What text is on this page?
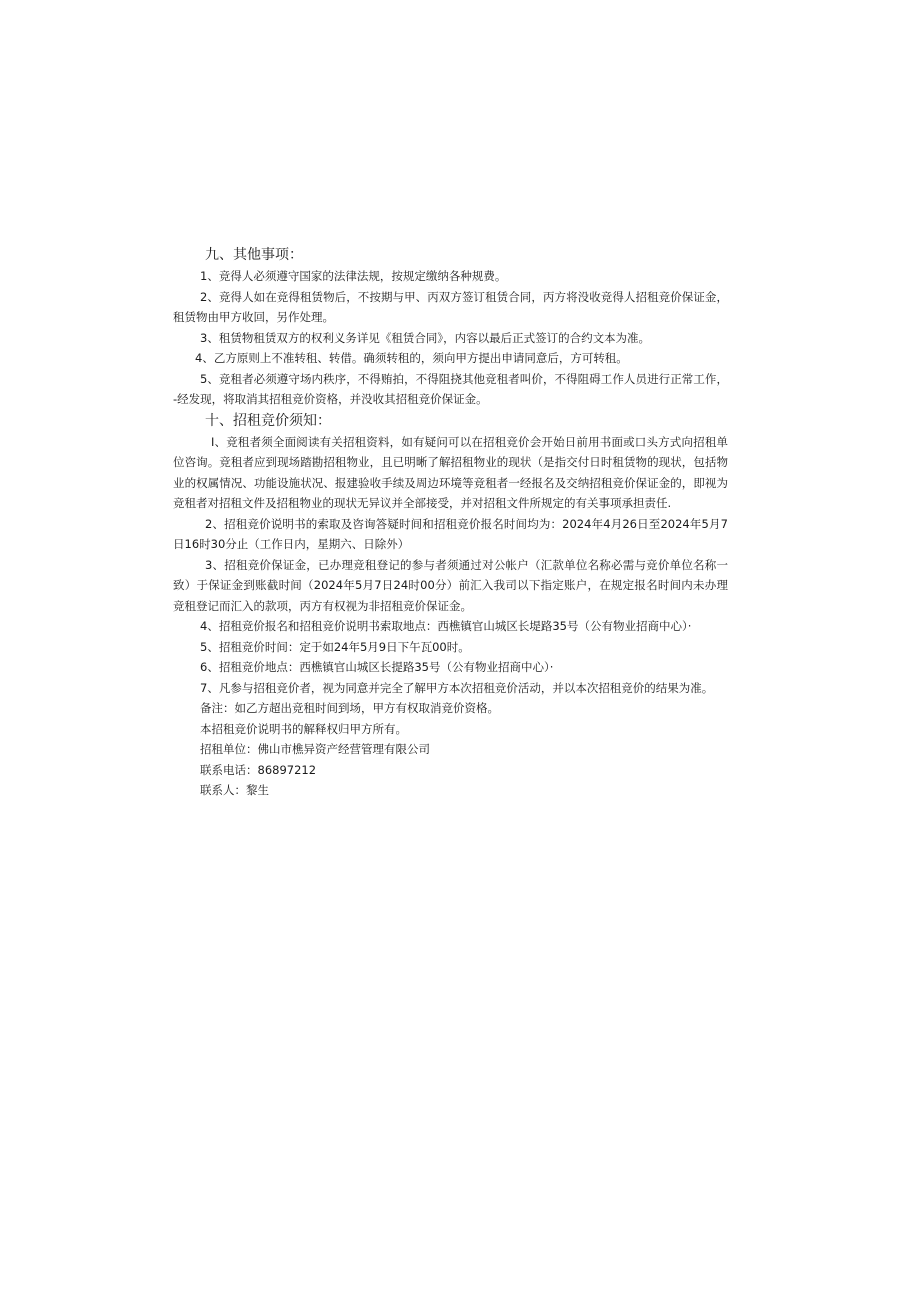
九、其他事项：

1、竞得人必须遵守国家的法律法规，按规定缴纳各种规费。

2、竞得人如在竞得租赁物后，不按期与甲、丙双方签订租赁合同，丙方将没收竞得人招租竞价保证金，租赁物由甲方收回，另作处理。

3、租赁物租赁双方的权利义务详见《租赁合同》，内容以最后正式签订的合约文本为准。

4、乙方原则上不准转租、转借。确须转租的，须向甲方提出申请同意后，方可转租。

5、竞租者必须遵守场内秩序，不得贿拍，不得阻挠其他竞租者叫价，不得阻碍工作人员进行正常工作，-经发现，将取消其招租竞价资格，并没收其招租竞价保证金。

十、招租竞价须知：

I、竞租者须全面阅读有关招租资料，如有疑问可以在招租竞价会开始日前用书面或口头方式向招租单位咨询。竞租者应到现场踏勘招租物业，且已明晰了解招租物业的现状（是指交付日时租赁物的现状，包括物业的权属情况、功能设施状况、报建验收手续及周边环境等竞租者一经报名及交纳招租竞价保证金的，即视为竞租者对招租文件及招租物业的现状无异议并全部接受，并对招租文件所规定的有关事项承担责任.

2、招租竞价说明书的索取及咨询答疑时间和招租竞价报名时间均为：2024年4月26日至2024年5月7日16时30分止（工作日内，星期六、日除外）

3、招租竞价保证金，已办理竞租登记的参与者须通过对公帐户（汇款单位名称必需与竞价单位名称一致）于保证金到账截时间（2024年5月7日24时00分）前汇入我司以下指定账户，在规定报名时间内未办理竞租登记而汇入的款项，丙方有权视为非招租竞价保证金。

4、招租竞价报名和招租竞价说明书索取地点：西樵镇官山城区长堤路35号（公有物业招商中心）·

5、招租竞价时间：定于如24年5月9日下午瓦00时。

6、招租竞价地点：西樵镇官山城区长提路35号（公有物业招商中心）·

7、凡参与招租竞价者，视为同意并完全了解甲方本次招租竞价活动，并以本次招租竞价的结果为准。

备注：如乙方超出竞租时间到场，甲方有权取消竞价资格。

本招租竞价说明书的解释权归甲方所有。

招租单位：佛山市樵异资产经营管理有限公司

联系电话：86897212

联系人：黎生
